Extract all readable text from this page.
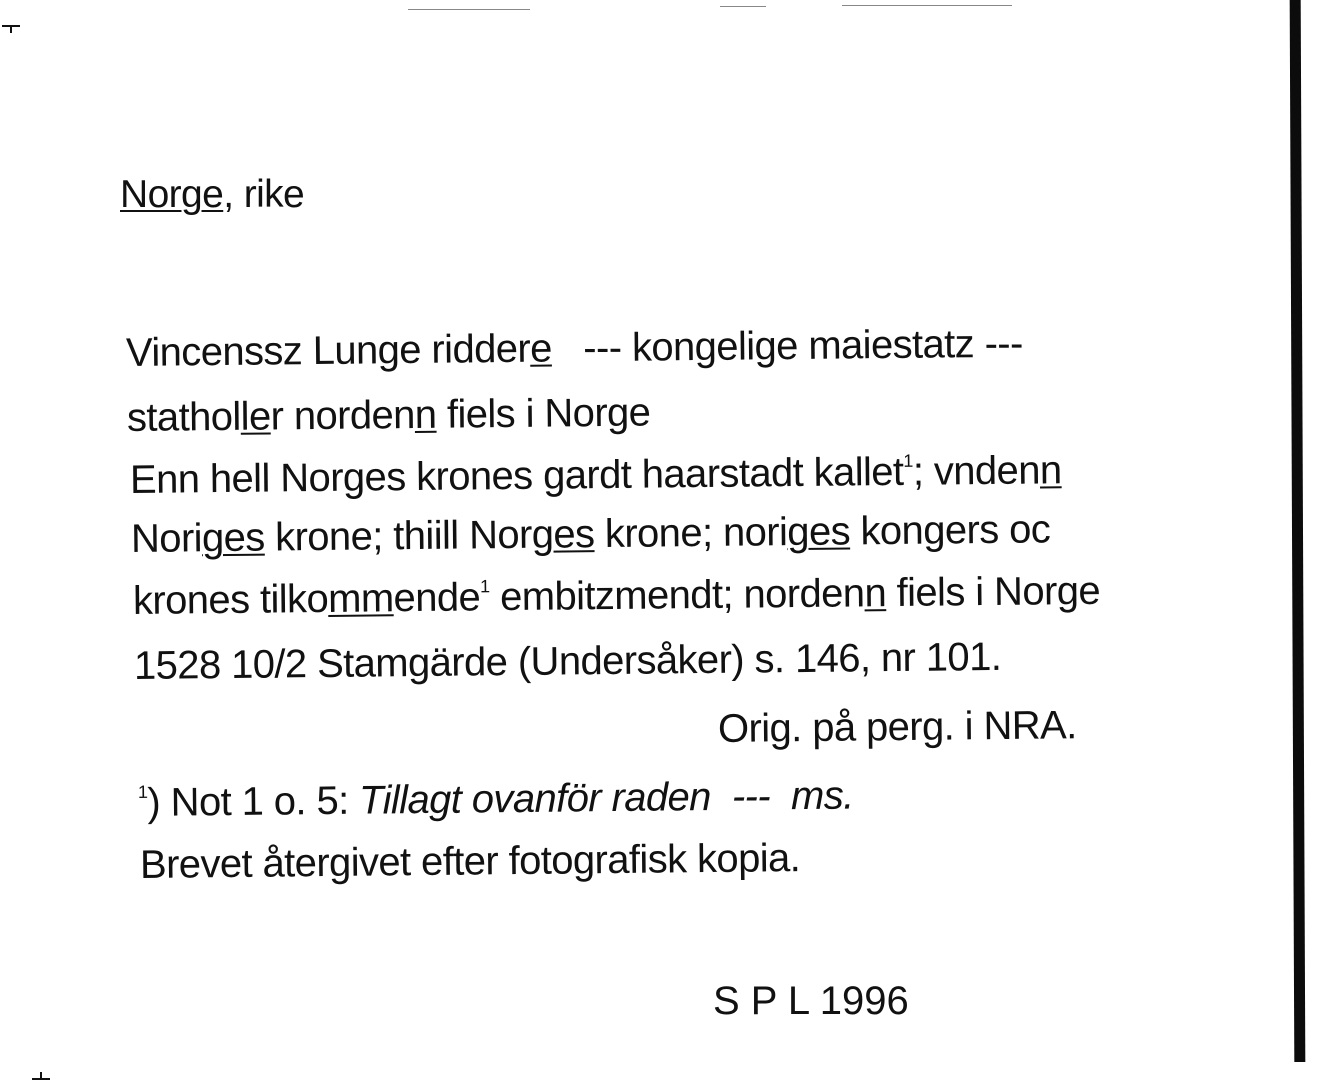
Norge, rike
Vincenssz Lunge riddere   --- kongelige maiestatz ---
statholler nordenn fiels i Norge
Enn hell Norges krones gardt haarstadt kallet$^1$; vndenn
Noriges krone; thiill Norges krone; noriges kongers oc
krones tilkommende$^1$ embitzmendt; nordenn fiels i Norge
1528 10/2 Stamgärde (Undersåker) s. 146, nr 101.
Orig. på perg. i NRA.
$^1$) Not 1 o. 5: Tillagt ovanför raden  ---  ms.
Brevet återgivet efter fotografisk kopia.
S P L 1996
